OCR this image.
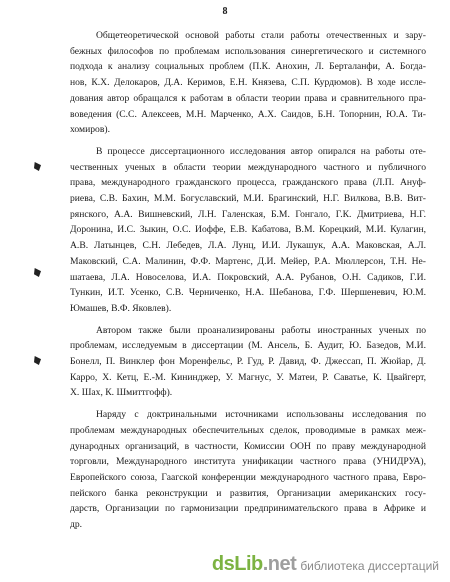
8
Общетеоретической основой работы стали работы отечественных и зару-
бежных философов по проблемам использования синергетического и системного
подхода к анализу социальных проблем (П.К. Анохин, Л. Берталанфи, А. Богда-
нов, К.Х. Делокаров, Д.А. Керимов, Е.Н. Князева, С.П. Курдюмов). В ходе иссле-
дования автор обращался к работам в области теории права и сравнительного пра-
воведения (С.С. Алексеев, М.Н. Марченко, А.Х. Саидов, Б.Н. Топорнин, Ю.А. Ти-
хомиров).
В процессе диссертационного исследования автор опирался на работы оте-
чественных ученых в области теории международного частного и публичного
права, международного гражданского процесса, гражданского права (Л.П. Ануф-
риева, С.В. Бахин, М.М. Богуславский, М.И. Брагинский, Н.Г. Вилкова, В.В. Вит-
рянского, А.А. Вишневский, Л.Н. Галенская, Б.М. Гонгало, Г.К. Дмитриева, Н.Г.
Доронина, И.С. Зыкин, О.С. Иоффе, Е.В. Кабатова, В.М. Корецкий, М.И. Кулагин,
А.В. Латынцев, С.Н. Лебедев, Л.А. Лунц, И.И. Лукашук, А.А. Маковская, А.Л.
Маковский, С.А. Малинин, Ф.Ф. Мартенс, Д.И. Мейер, Р.А. Мюллерсон, Т.Н. Не-
шатаева, Л.А. Новоселова, И.А. Покровский, А.А. Рубанов, О.Н. Садиков, Г.И.
Тункин, И.Т. Усенко, С.В. Черниченко, Н.А. Шебанова, Г.Ф. Шершеневич, Ю.М.
Юмашев, В.Ф. Яковлев).
Автором также были проанализированы работы иностранных ученых по
проблемам, исследуемым в диссертации (М. Ансель, Б. Аудит, Ю. Базедов, М.И.
Бонелл, П. Винклер фон Моренфельс, Р. Гуд, Р. Давид, Ф. Джессап, П. Жюйар, Д.
Карро, Х. Кетц, Е.-М. Кининджер, У. Магнус, У. Матеи, Р. Саватье, К. Цвайгерт,
Х. Шах, К. Шмиттгофф).
Наряду с доктринальными источниками использованы исследования по
проблемам международных обеспечительных сделок, проводимые в рамках меж-
дународных организаций, в частности, Комиссии ООН по праву международной
торговли, Международного института унификации частного права (УНИДРУА),
Европейского союза, Гаагской конференции международного частного права, Евро-
пейского банка реконструкции и развития, Организации американских госу-
дарств, Организации по гармонизации предпринимательского права в Африке и
др.
dsLib.net библиотека диссертаций
